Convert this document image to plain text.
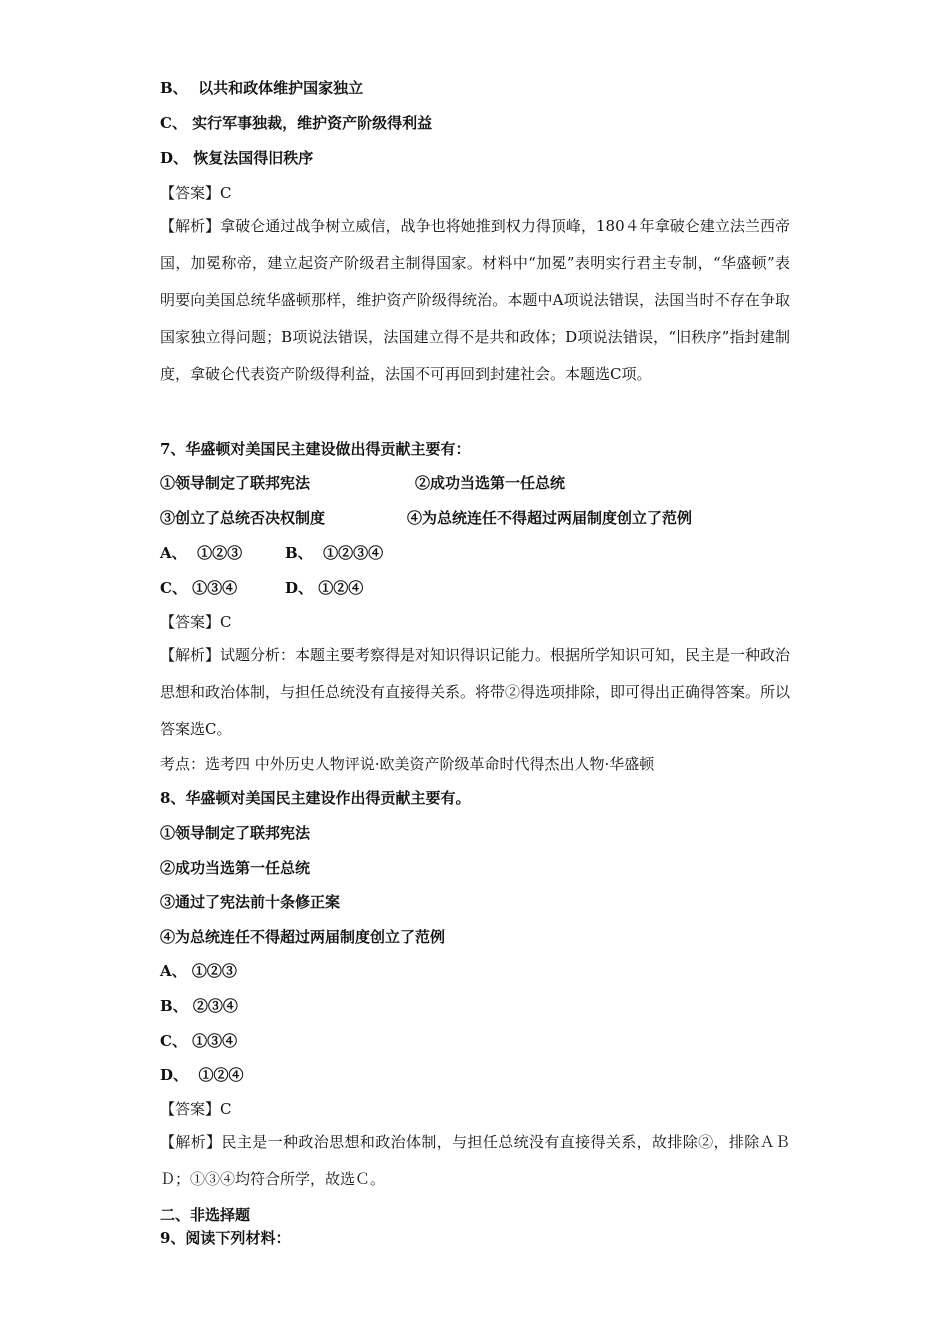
B、  以共和政体维护国家独立
C、 实行军事独裁，维护资产阶级得利益
D、 恢复法国得旧秩序
【答案】C
【解析】拿破仑通过战争树立威信，战争也将她推到权力得顶峰，180４年拿破仑建立法兰西帝国，加冕称帝，建立起资产阶级君主制得国家。材料中“加冕”表明实行君主专制，“华盛顿”表明要向美国总统华盛顿那样，维护资产阶级得统治。本题中A项说法错误，法国当时不存在争取国家独立得问题；B项说法错误，法国建立得不是共和政体；D项说法错误，“旧秩序”指封建制度，拿破仑代表资产阶级得利益，法国不可再回到封建社会。本题选C项。
7、华盛顿对美国民主建设做出得贡献主要有：
①领导制定了联邦宪法	②成功当选第一任总统
③创立了总统否决权制度	④为总统连任不得超过两届制度创立了范例
A、  ①②③	B、  ①②③④
C、 ①③④	D、 ①②④
【答案】C
【解析】试题分析：本题主要考察得是对知识得识记能力。根据所学知识可知，民主是一种政治思想和政治体制，与担任总统没有直接得关系。将带②得选项排除，即可得出正确得答案。所以答案选C。
考点：选考四 中外历史人物评说·欧美资产阶级革命时代得杰出人物·华盛顿
8、华盛顿对美国民主建设作出得贡献主要有。
①领导制定了联邦宪法
②成功当选第一任总统
③通过了宪法前十条修正案
④为总统连任不得超过两届制度创立了范例
A、 ①②③
B、 ②③④
C、 ①③④
D、  ①②④
【答案】C
【解析】民主是一种政治思想和政治体制，与担任总统没有直接得关系，故排除②，排除ＡＢＤ；①③④均符合所学，故选Ｃ。
二、非选择题
9、阅读下列材料：
